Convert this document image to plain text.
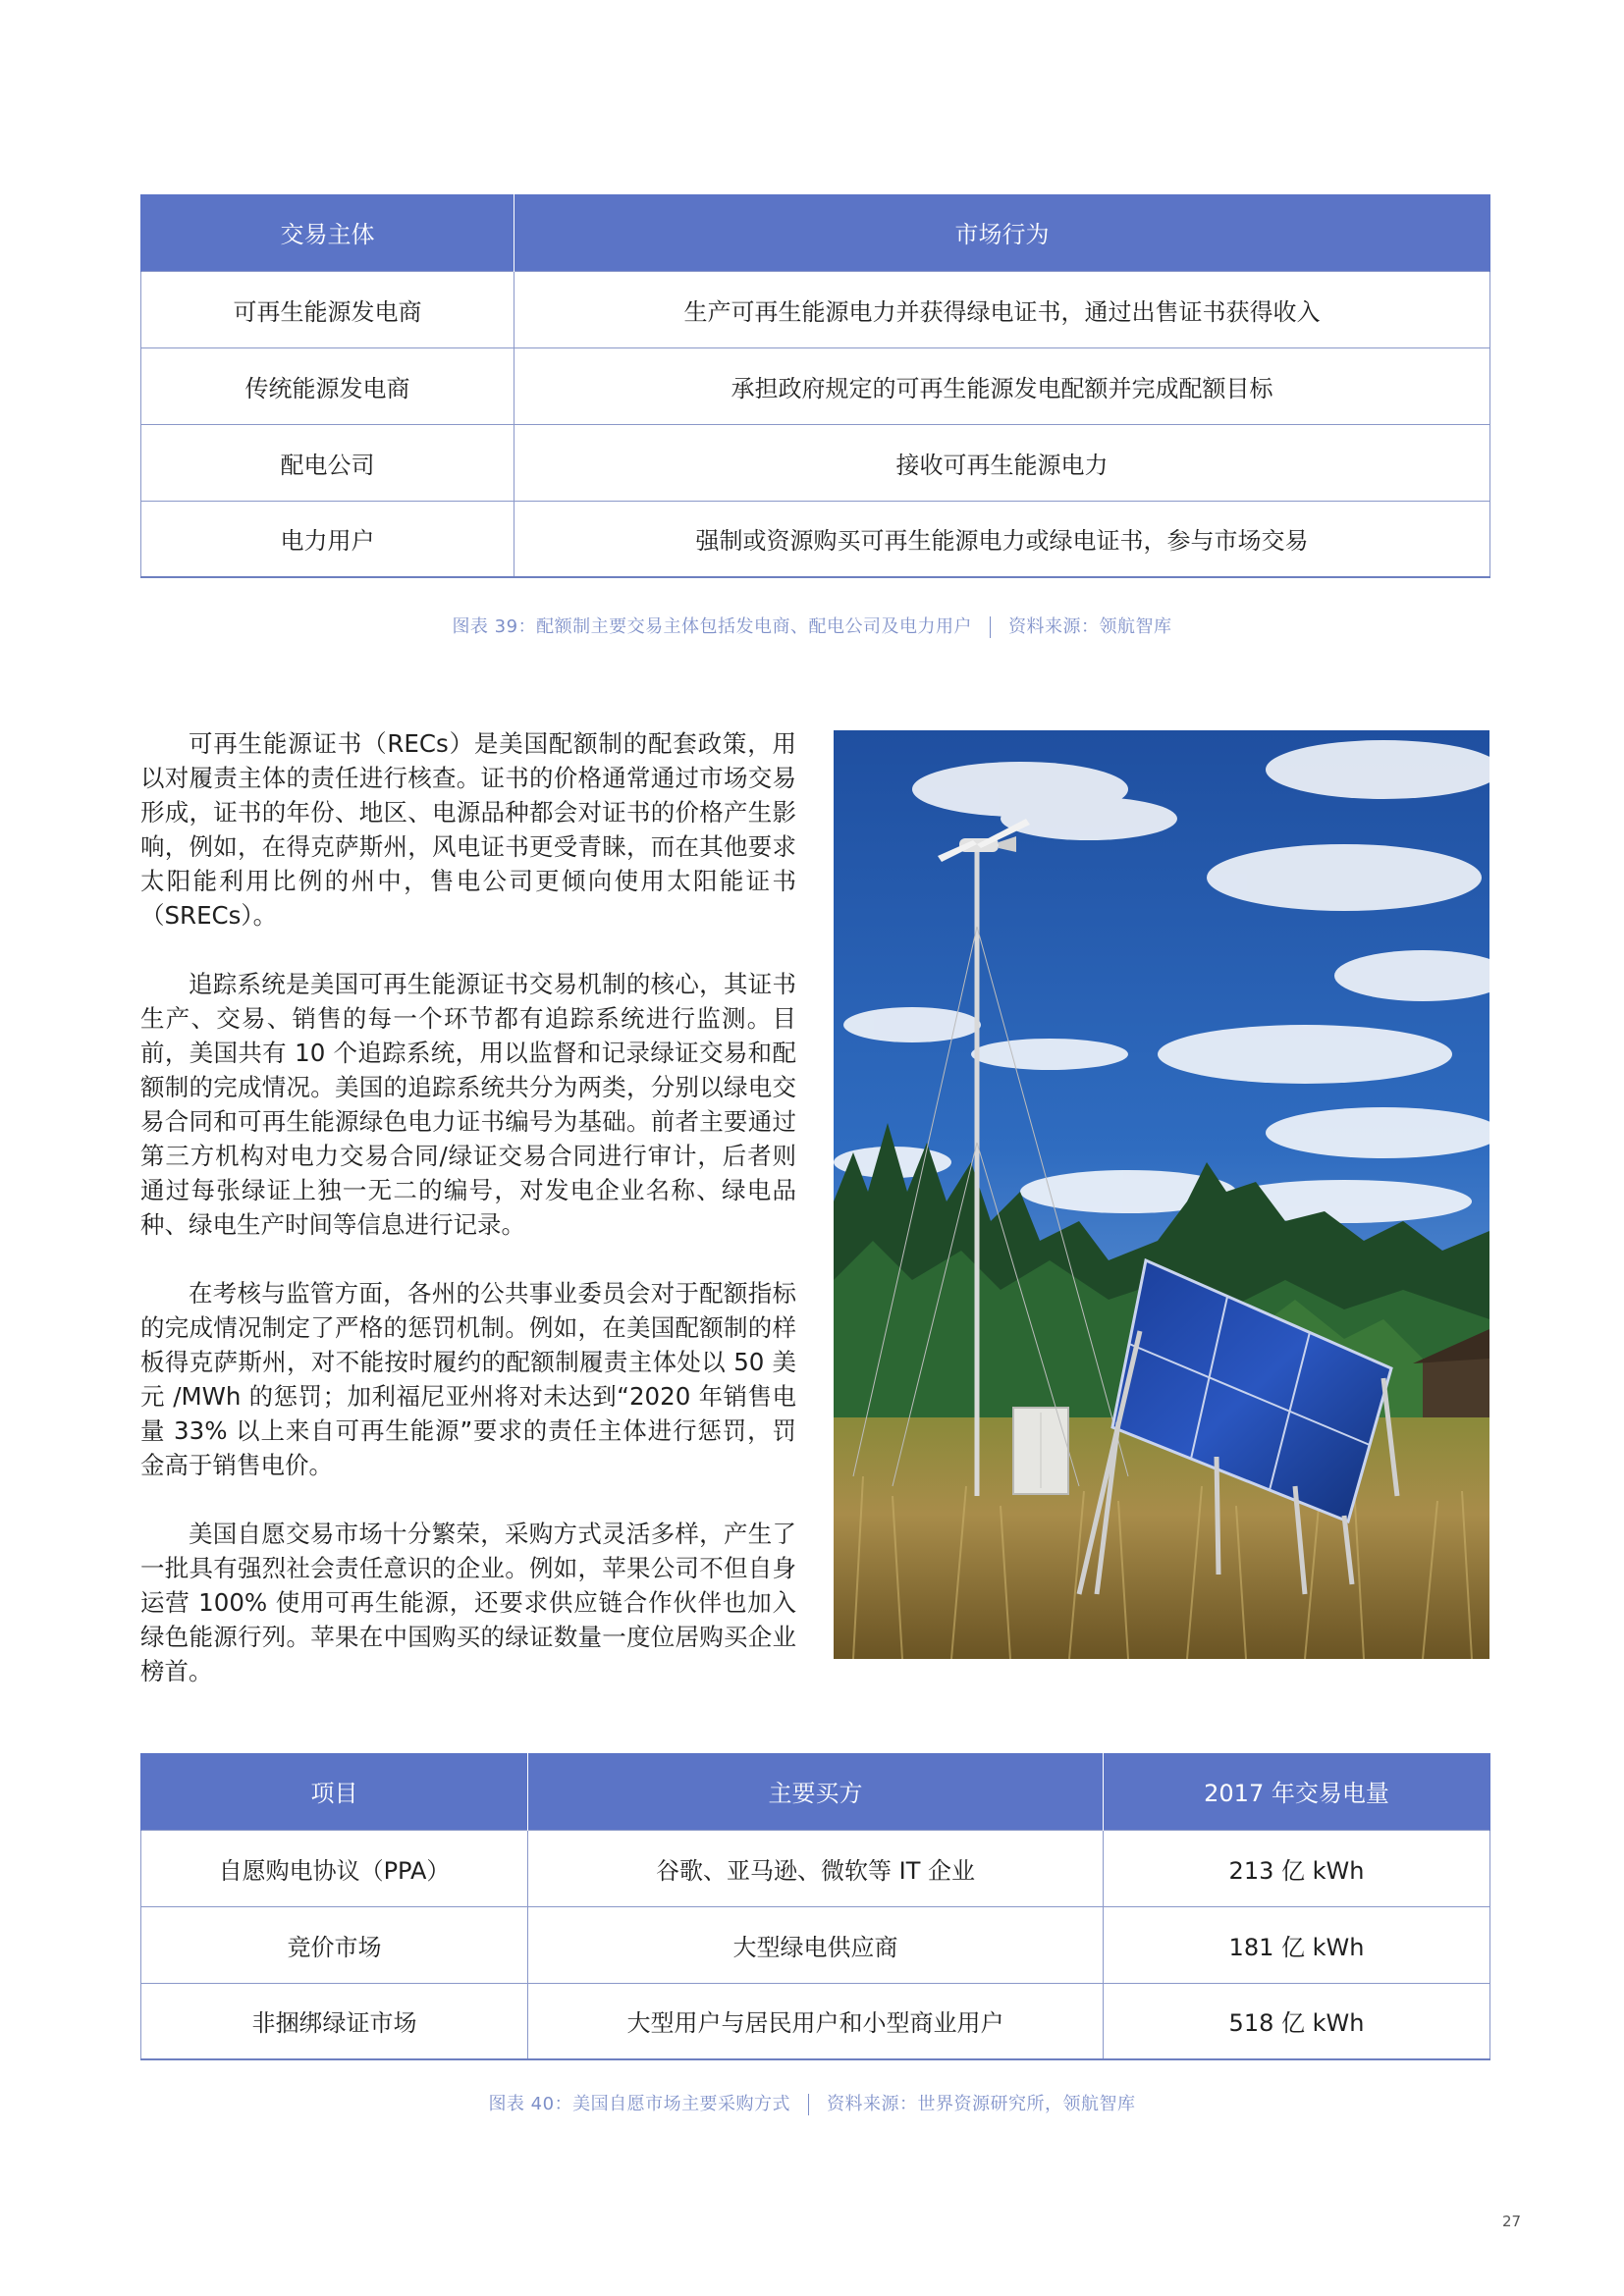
交易主体	市场行为
可再生能源发电商	生产可再生能源电力并获得绿电证书，通过出售证书获得收入
传统能源发电商	承担政府规定的可再生能源发电配额并完成配额目标
配电公司	接收可再生能源电力
电力用户	强制或资源购买可再生能源电力或绿电证书，参与市场交易
图表 39：配额制主要交易主体包括发电商、配电公司及电力用户 资料来源：领航智库

可再生能源证书（RECs）是美国配额制的配套政策，用以对履责主体的责任进行核查。证书的价格通常通过市场交易形成，证书的年份、地区、电源品种都会对证书的价格产生影响，例如，在得克萨斯州，风电证书更受青睐，而在其他要求太阳能利用比例的州中，售电公司更倾向使用太阳能证书（SRECs）。

追踪系统是美国可再生能源证书交易机制的核心，其证书生产、交易、销售的每一个环节都有追踪系统进行监测。目前，美国共有 10 个追踪系统，用以监督和记录绿证交易和配额制的完成情况。美国的追踪系统共分为两类，分别以绿电交易合同和可再生能源绿色电力证书编号为基础。前者主要通过第三方机构对电力交易合同/绿证交易合同进行审计，后者则通过每张绿证上独一无二的编号，对发电企业名称、绿电品种、绿电生产时间等信息进行记录。

在考核与监管方面，各州的公共事业委员会对于配额指标的完成情况制定了严格的惩罚机制。例如，在美国配额制的样板得克萨斯州，对不能按时履约的配额制履责主体处以 50 美元 /MWh 的惩罚；加利福尼亚州将对未达到“2020 年销售电量 33% 以上来自可再生能源”要求的责任主体进行惩罚，罚金高于销售电价。

美国自愿交易市场十分繁荣，采购方式灵活多样，产生了一批具有强烈社会责任意识的企业。例如，苹果公司不但自身运营 100% 使用可再生能源，还要求供应链合作伙伴也加入绿色能源行列。苹果在中国购买的绿证数量一度位居购买企业榜首。

项目	主要买方	2017 年交易电量
自愿购电协议（PPA）	谷歌、亚马逊、微软等 IT 企业	213 亿 kWh
竞价市场	大型绿电供应商	181 亿 kWh
非捆绑绿证市场	大型用户与居民用户和小型商业用户	518 亿 kWh
图表 40：美国自愿市场主要采购方式 资料来源：世界资源研究所，领航智库
27
